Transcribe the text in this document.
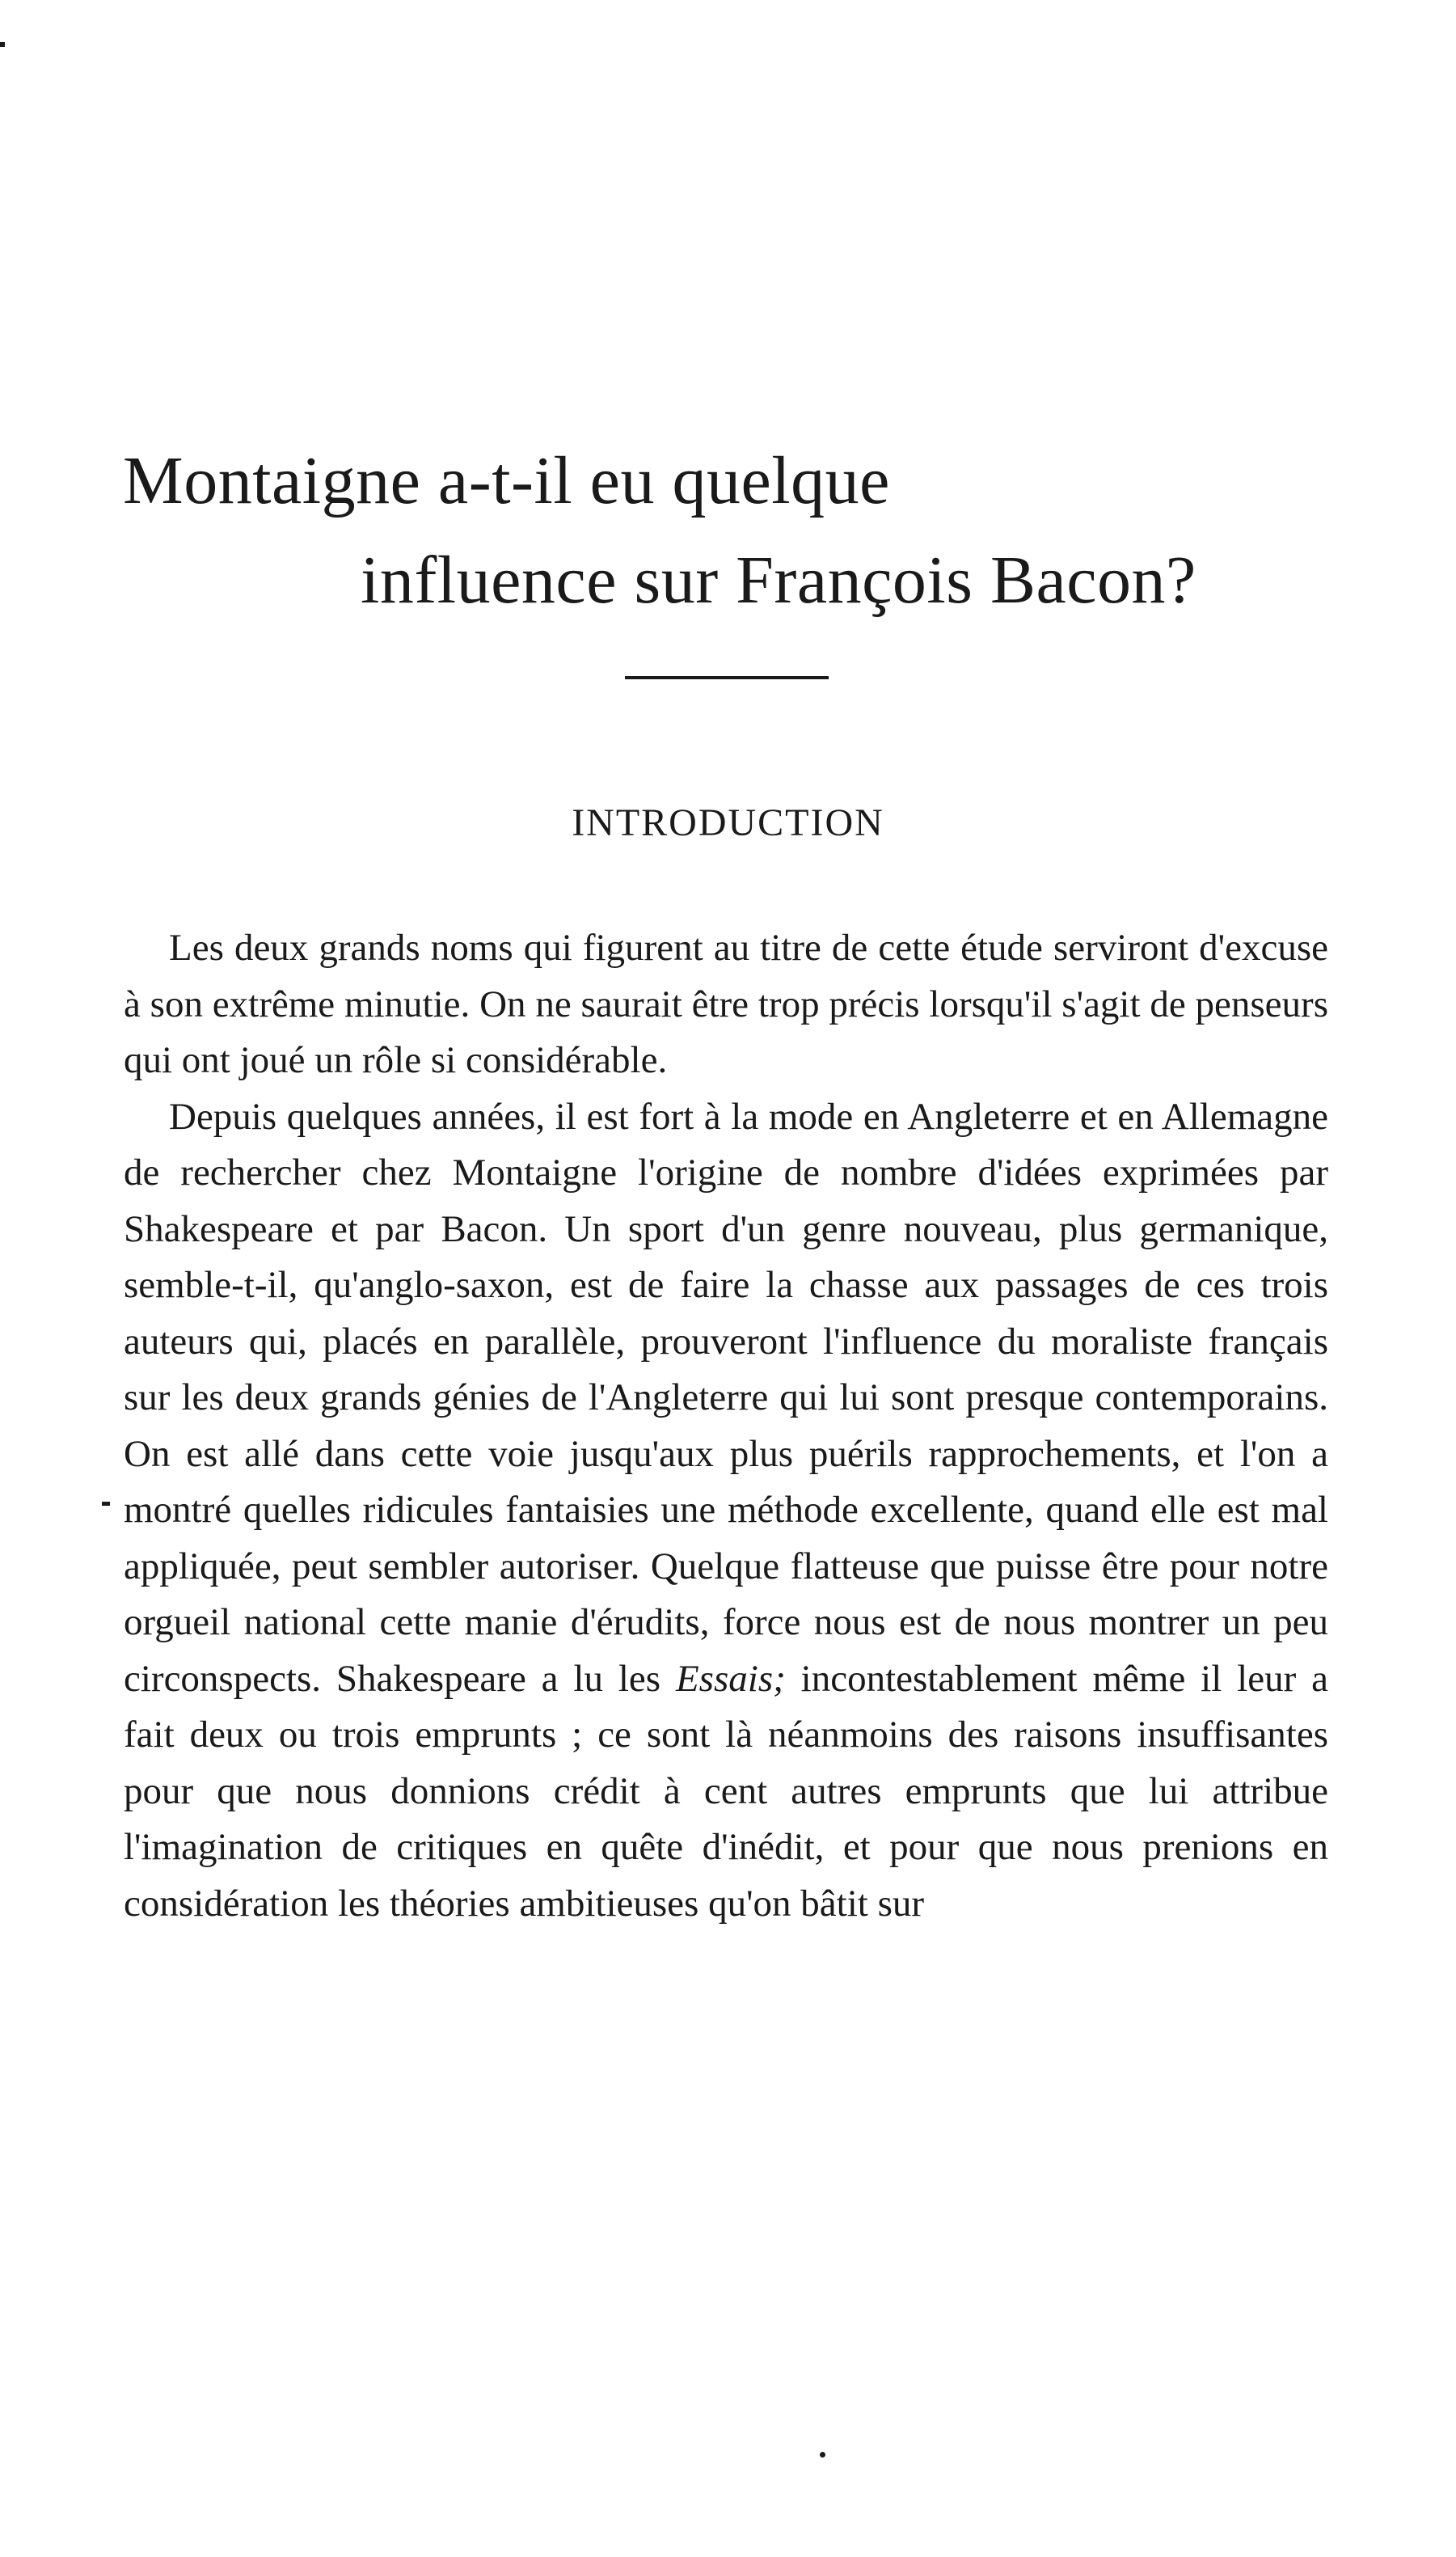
Montaigne a-t-il eu quelque
influence sur François Bacon?
INTRODUCTION

Les deux grands noms qui figurent au titre de cette étude serviront d'excuse à son extrême minutie. On ne saurait être trop précis lorsqu'il s'agit de penseurs qui ont joué un rôle si considérable.

Depuis quelques années, il est fort à la mode en Angleterre et en Allemagne de rechercher chez Montaigne l'origine de nombre d'idées exprimées par Shakespeare et par Bacon. Un sport d'un genre nouveau, plus germanique, semble-t-il, qu'anglo-saxon, est de faire la chasse aux passages de ces trois auteurs qui, placés en parallèle, prouveront l'influence du moraliste français sur les deux grands génies de l'Angleterre qui lui sont presque contemporains. On est allé dans cette voie jusqu'aux plus puérils rapprochements, et l'on a montré quelles ridicules fantaisies une méthode excellente, quand elle est mal appliquée, peut sembler autoriser. Quelque flatteuse que puisse être pour notre orgueil national cette manie d'érudits, force nous est de nous montrer un peu circonspects. Shakespeare a lu les Essais; incontestablement même il leur a fait deux ou trois emprunts ; ce sont là néanmoins des raisons insuffisantes pour que nous donnions crédit à cent autres emprunts que lui attribue l'imagination de critiques en quête d'inédit, et pour que nous prenions en considération les théories ambitieuses qu'on bâtit sur
